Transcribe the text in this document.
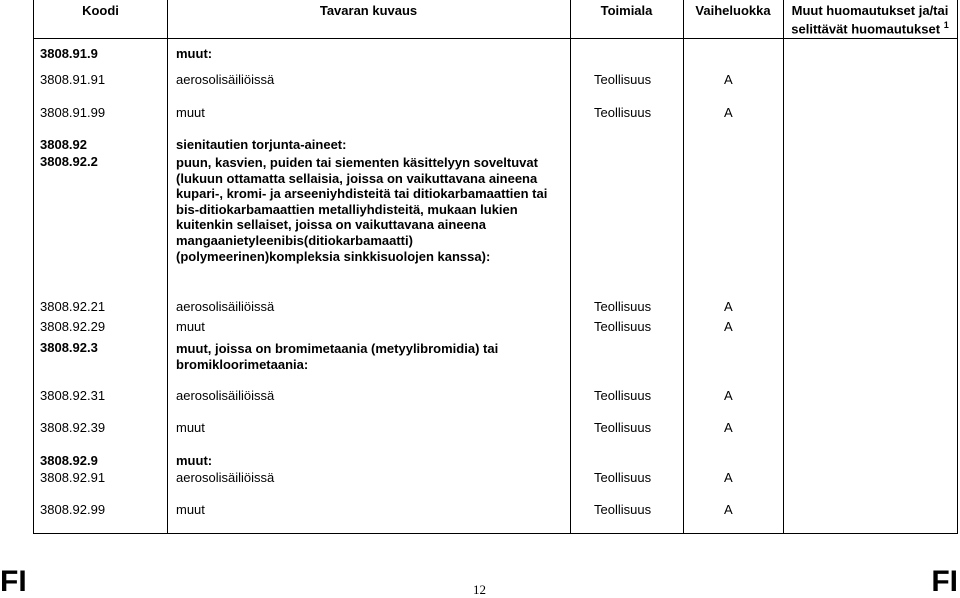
Koodi	Tavaran kuvaus	Toimiala	Vaiheluokka	Muut huomautukset ja/tai
selittävät huomautukset $^1$
3808.91.9	muut:
3808.91.91	aerosolisäiliöissä	Teollisuus	A
3808.91.99	muut	Teollisuus	A
3808.92	sienitautien torjunta-aineet:
3808.92.2	puun, kasvien, puiden tai siementen käsittelyyn soveltuvat (lukuun ottamatta sellaisia, joissa on vaikuttavana aineena kupari-, kromi- ja arseeniyhdisteitä tai ditiokarbamaattien tai bis-ditiokarbamaattien metalliyhdisteitä, mukaan lukien kuitenkin sellaiset, joissa on vaikuttavana aineena mangaanietyleenibis(ditiokarbamaatti)(polymeerinen)kompleksia sinkkisuolojen kanssa):
3808.92.21	aerosolisäiliöissä	Teollisuus	A
3808.92.29	muut	Teollisuus	A
3808.92.3	muut, joissa on bromimetaania (metyylibromidia) tai bromikloorimetaania:
3808.92.31	aerosolisäiliöissä	Teollisuus	A
3808.92.39	muut	Teollisuus	A
3808.92.9	muut:
3808.92.91	aerosolisäiliöissä	Teollisuus	A
3808.92.99	muut	Teollisuus	A
FI	12	FI
